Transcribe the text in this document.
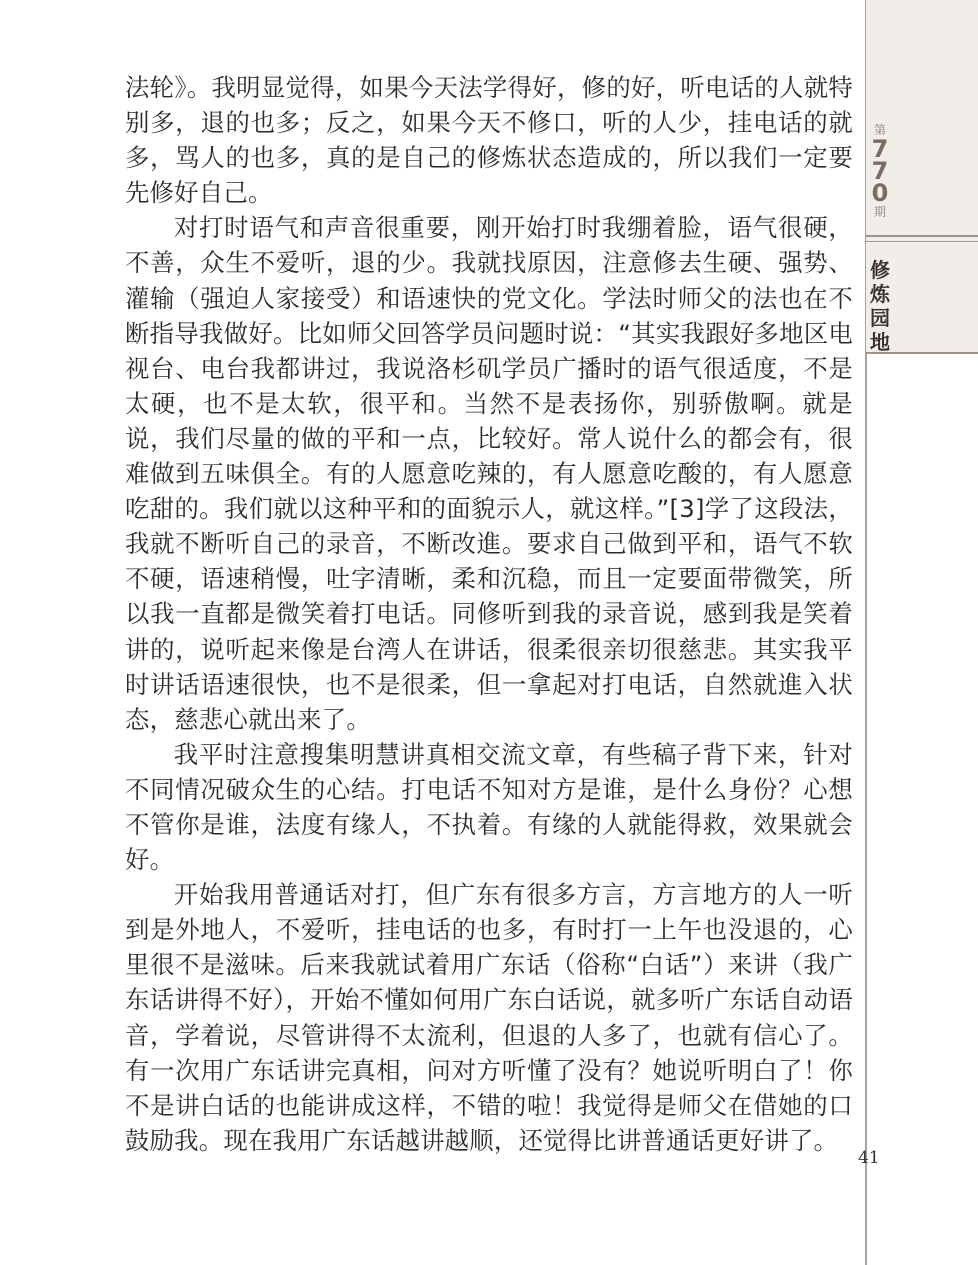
法轮》。我明显觉得，如果今天法学得好，修的好，听电话的人就特别多，退的也多；反之，如果今天不修口，听的人少，挂电话的就多，骂人的也多，真的是自己的修炼状态造成的，所以我们一定要先修好自己。

对打时语气和声音很重要，刚开始打时我绷着脸，语气很硬，不善，众生不爱听，退的少。我就找原因，注意修去生硬、强势、灌输（强迫人家接受）和语速快的党文化。学法时师父的法也在不断指导我做好。比如师父回答学员问题时说：“其实我跟好多地区电视台、电台我都讲过，我说洛杉矶学员广播时的语气很适度，不是太硬，也不是太软，很平和。当然不是表扬你，别骄傲啊。就是说，我们尽量的做的平和一点，比较好。常人说什么的都会有，很难做到五味俱全。有的人愿意吃辣的，有人愿意吃酸的，有人愿意吃甜的。我们就以这种平和的面貌示人，就这样。”[3]学了这段法，我就不断听自己的录音，不断改進。要求自己做到平和，语气不软不硬，语速稍慢，吐字清晰，柔和沉稳，而且一定要面带微笑，所以我一直都是微笑着打电话。同修听到我的录音说，感到我是笑着讲的，说听起来像是台湾人在讲话，很柔很亲切很慈悲。其实我平时讲话语速很快，也不是很柔，但一拿起对打电话，自然就進入状态，慈悲心就出来了。

我平时注意搜集明慧讲真相交流文章，有些稿子背下来，针对不同情况破众生的心结。打电话不知对方是谁，是什么身份？心想不管你是谁，法度有缘人，不执着。有缘的人就能得救，效果就会好。

开始我用普通话对打，但广东有很多方言，方言地方的人一听到是外地人，不爱听，挂电话的也多，有时打一上午也没退的，心里很不是滋味。后来我就试着用广东话（俗称“白话”）来讲（我广东话讲得不好），开始不懂如何用广东白话说，就多听广东话自动语音，学着说，尽管讲得不太流利，但退的人多了，也就有信心了。有一次用广东话讲完真相，问对方听懂了没有？她说听明白了！你不是讲白话的也能讲成这样，不错的啦！我觉得是师父在借她的口鼓励我。现在我用广东话越讲越顺，还觉得比讲普通话更好讲了。

第
7
7
0
期
修
炼
园
地
41
